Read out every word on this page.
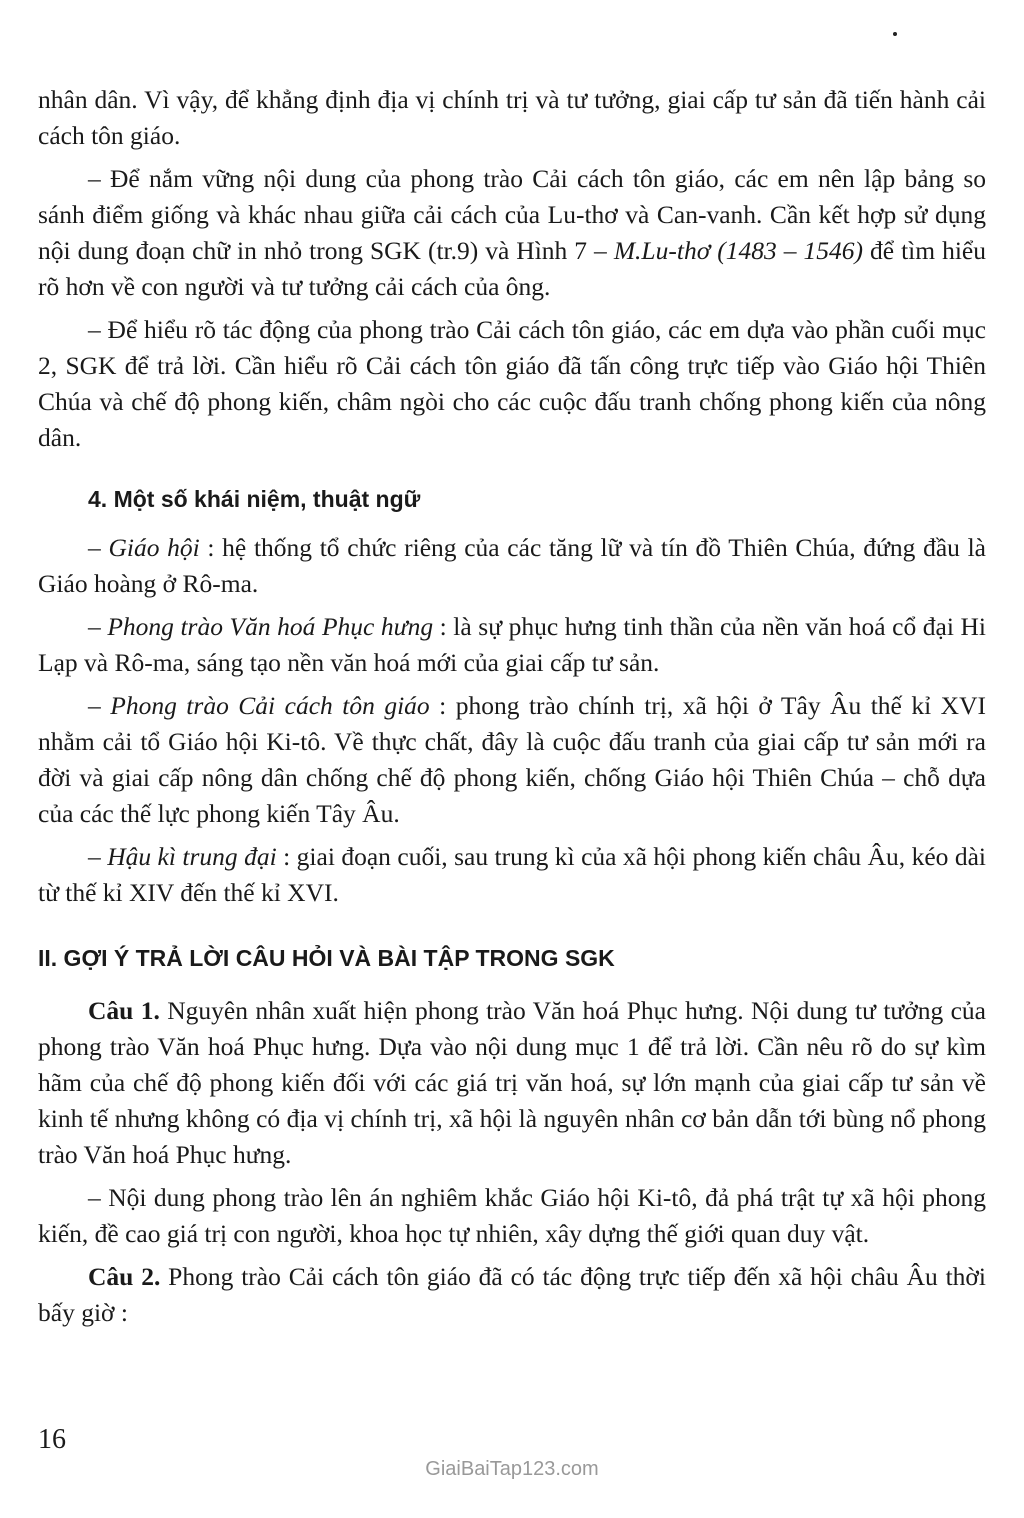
nhân dân. Vì vậy, để khẳng định địa vị chính trị và tư tưởng, giai cấp tư sản đã tiến hành cải cách tôn giáo.

– Để nắm vững nội dung của phong trào Cải cách tôn giáo, các em nên lập bảng so sánh điểm giống và khác nhau giữa cải cách của Lu-thơ và Can-vanh. Cần kết hợp sử dụng nội dung đoạn chữ in nhỏ trong SGK (tr.9) và Hình 7 – M.Lu-thơ (1483 – 1546) để tìm hiểu rõ hơn về con người và tư tưởng cải cách của ông.

– Để hiểu rõ tác động của phong trào Cải cách tôn giáo, các em dựa vào phần cuối mục 2, SGK để trả lời. Cần hiểu rõ Cải cách tôn giáo đã tấn công trực tiếp vào Giáo hội Thiên Chúa và chế độ phong kiến, châm ngòi cho các cuộc đấu tranh chống phong kiến của nông dân.

4. Một số khái niệm, thuật ngữ

– Giáo hội : hệ thống tổ chức riêng của các tăng lữ và tín đồ Thiên Chúa, đứng đầu là Giáo hoàng ở Rô-ma.

– Phong trào Văn hoá Phục hưng : là sự phục hưng tinh thần của nền văn hoá cổ đại Hi Lạp và Rô-ma, sáng tạo nền văn hoá mới của giai cấp tư sản.

– Phong trào Cải cách tôn giáo : phong trào chính trị, xã hội ở Tây Âu thế kỉ XVI nhằm cải tổ Giáo hội Ki-tô. Về thực chất, đây là cuộc đấu tranh của giai cấp tư sản mới ra đời và giai cấp nông dân chống chế độ phong kiến, chống Giáo hội Thiên Chúa – chỗ dựa của các thế lực phong kiến Tây Âu.

– Hậu kì trung đại : giai đoạn cuối, sau trung kì của xã hội phong kiến châu Âu, kéo dài từ thế kỉ XIV đến thế kỉ XVI.

II. GỢI Ý TRẢ LỜI CÂU HỎI VÀ BÀI TẬP TRONG SGK

Câu 1. Nguyên nhân xuất hiện phong trào Văn hoá Phục hưng. Nội dung tư tưởng của phong trào Văn hoá Phục hưng. Dựa vào nội dung mục 1 để trả lời. Cần nêu rõ do sự kìm hãm của chế độ phong kiến đối với các giá trị văn hoá, sự lớn mạnh của giai cấp tư sản về kinh tế nhưng không có địa vị chính trị, xã hội là nguyên nhân cơ bản dẫn tới bùng nổ phong trào Văn hoá Phục hưng.

– Nội dung phong trào lên án nghiêm khắc Giáo hội Ki-tô, đả phá trật tự xã hội phong kiến, đề cao giá trị con người, khoa học tự nhiên, xây dựng thế giới quan duy vật.

Câu 2. Phong trào Cải cách tôn giáo đã có tác động trực tiếp đến xã hội châu Âu thời bấy giờ :

16
GiaiBaiTap123.com
